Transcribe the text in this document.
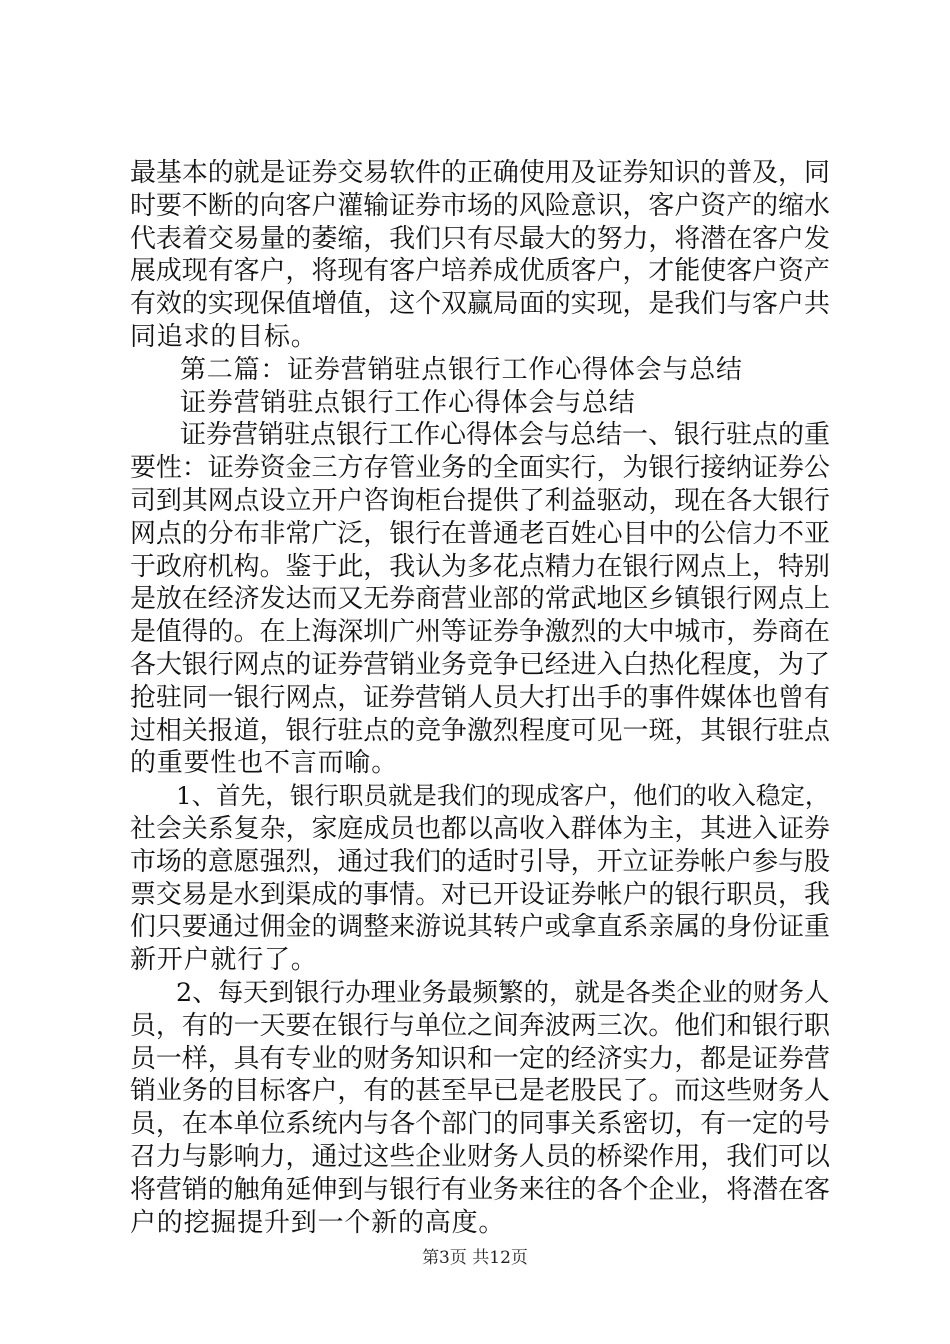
最基本的就是证券交易软件的正确使用及证券知识的普及，同
时要不断的向客户灌输证券市场的风险意识，客户资产的缩水
代表着交易量的萎缩，我们只有尽最大的努力，将潜在客户发
展成现有客户，将现有客户培养成优质客户，才能使客户资产
有效的实现保值增值，这个双赢局面的实现，是我们与客户共
同追求的目标。
第二篇：证券营销驻点银行工作心得体会与总结
证券营销驻点银行工作心得体会与总结
证券营销驻点银行工作心得体会与总结一、银行驻点的重
要性：证券资金三方存管业务的全面实行，为银行接纳证券公
司到其网点设立开户咨询柜台提供了利益驱动，现在各大银行
网点的分布非常广泛，银行在普通老百姓心目中的公信力不亚
于政府机构。鉴于此，我认为多花点精力在银行网点上，特别
是放在经济发达而又无券商营业部的常武地区乡镇银行网点上
是值得的。在上海深圳广州等证券争激烈的大中城市，券商在
各大银行网点的证券营销业务竞争已经进入白热化程度，为了
抢驻同一银行网点，证券营销人员大打出手的事件媒体也曾有
过相关报道，银行驻点的竞争激烈程度可见一斑，其银行驻点
的重要性也不言而喻。
1、首先，银行职员就是我们的现成客户，他们的收入稳定，
社会关系复杂，家庭成员也都以高收入群体为主，其进入证券
市场的意愿强烈，通过我们的适时引导，开立证券帐户参与股
票交易是水到渠成的事情。对已开设证券帐户的银行职员，我
们只要通过佣金的调整来游说其转户或拿直系亲属的身份证重
新开户就行了。
2、每天到银行办理业务最频繁的，就是各类企业的财务人
员，有的一天要在银行与单位之间奔波两三次。他们和银行职
员一样，具有专业的财务知识和一定的经济实力，都是证券营
销业务的目标客户，有的甚至早已是老股民了。而这些财务人
员，在本单位系统内与各个部门的同事关系密切，有一定的号
召力与影响力，通过这些企业财务人员的桥梁作用，我们可以
将营销的触角延伸到与银行有业务来往的各个企业，将潜在客
户的挖掘提升到一个新的高度。
第3页 共12页
